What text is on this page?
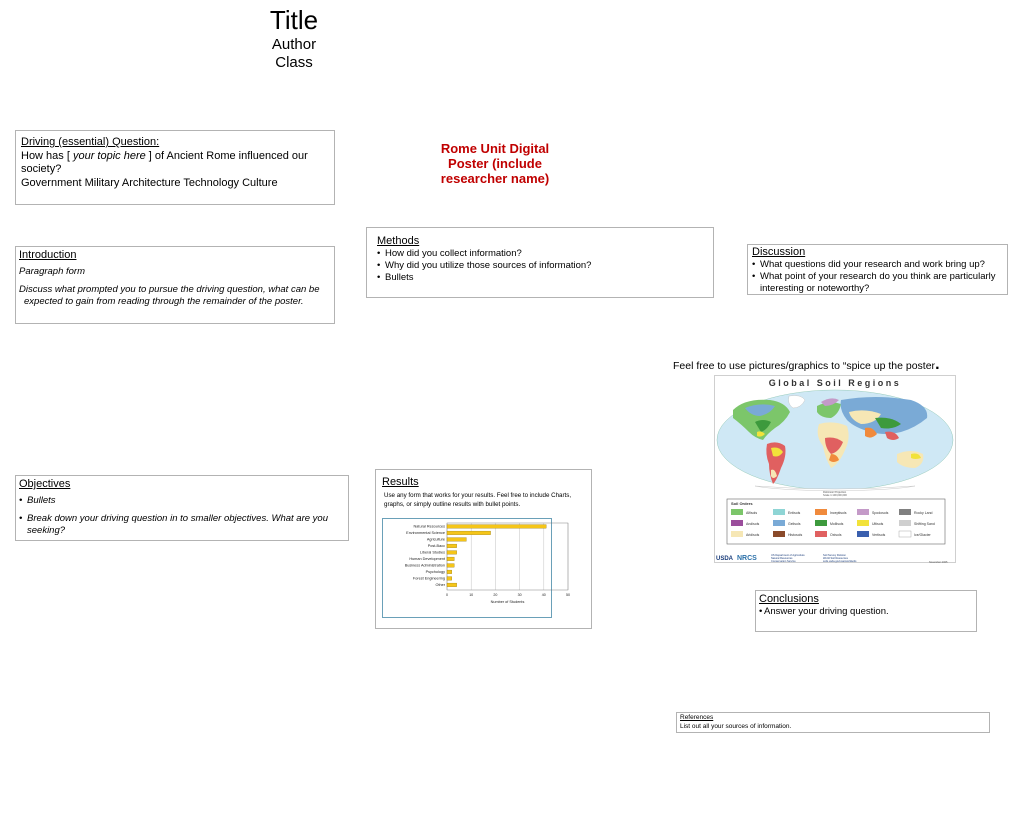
Title
Author
Class
Rome Unit Digital Poster (include researcher name)
Driving (essential) Question:
How has [ your topic here ] of Ancient Rome influenced our society?
Government Military Architecture Technology Culture
Methods
• How did you collect information?
• Why did you utilize those sources of information?
• Bullets
Discussion
• What questions did your research and work bring up?
• What point of your research do you think are particularly interesting or noteworthy?
Introduction
Paragraph form
Discuss what prompted you to pursue the driving question, what can be expected to gain from reading through the remainder of the poster.
Feel free to use pictures/graphics to “spice up the poster.
Global Soil Regions
Soil Orders
Alfisols	Entisols	Inceptisols	Spodosols	Rocky Land
Andisols	Gelisols	Mollisols	Ultisols	Shifting Sand
Aridisols	Histosols	Oxisols	Vertisols	Ice/Glacier
Robinson Projection Scale 1:100,000,000
USDA NRCS	US Department of Agriculture Natural Resources Conservation Service
Soil Survey Division World Soil Resources soils.usda.gov/use/worldsoils	November 2005
Objectives
• Bullets
• Break down your driving question in to smaller objectives. What are you seeking?
Results
Use any form that works for your results. Feel free to include Charts, graphs, or simply outline results with bullet points.
0	10	20	30	40	50
Natural Resources
Environmental Science
Agriculture
Post-Bacc
Liberal Studies
Human Development
Business Administration
Psychology
Forest Engineering
Other
Number of Students	Conclusions
• Answer your driving question.
References
List out all your sources of information.
